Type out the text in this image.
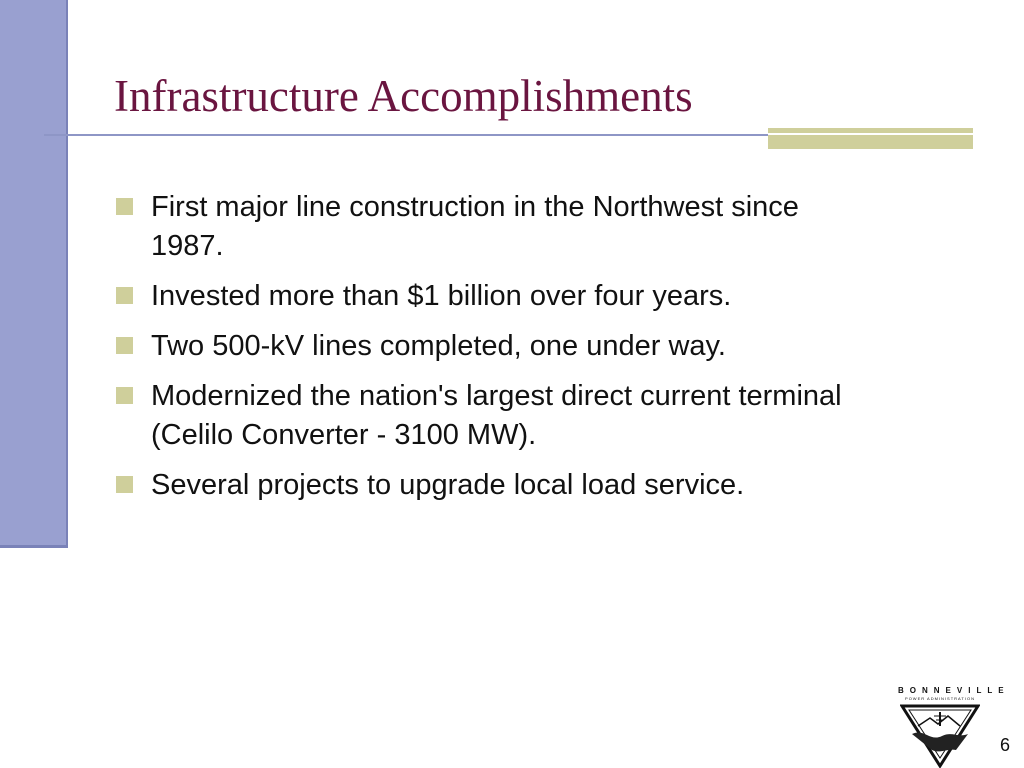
Infrastructure Accomplishments
First major line construction in the Northwest since 1987.
Invested more than $1 billion over four years.
Two 500-kV lines completed, one under way.
Modernized the nation's largest direct current terminal (Celilo Converter - 3100 MW).
Several projects to upgrade local load service.
BONNEVILLE
POWER ADMINISTRATION
6
